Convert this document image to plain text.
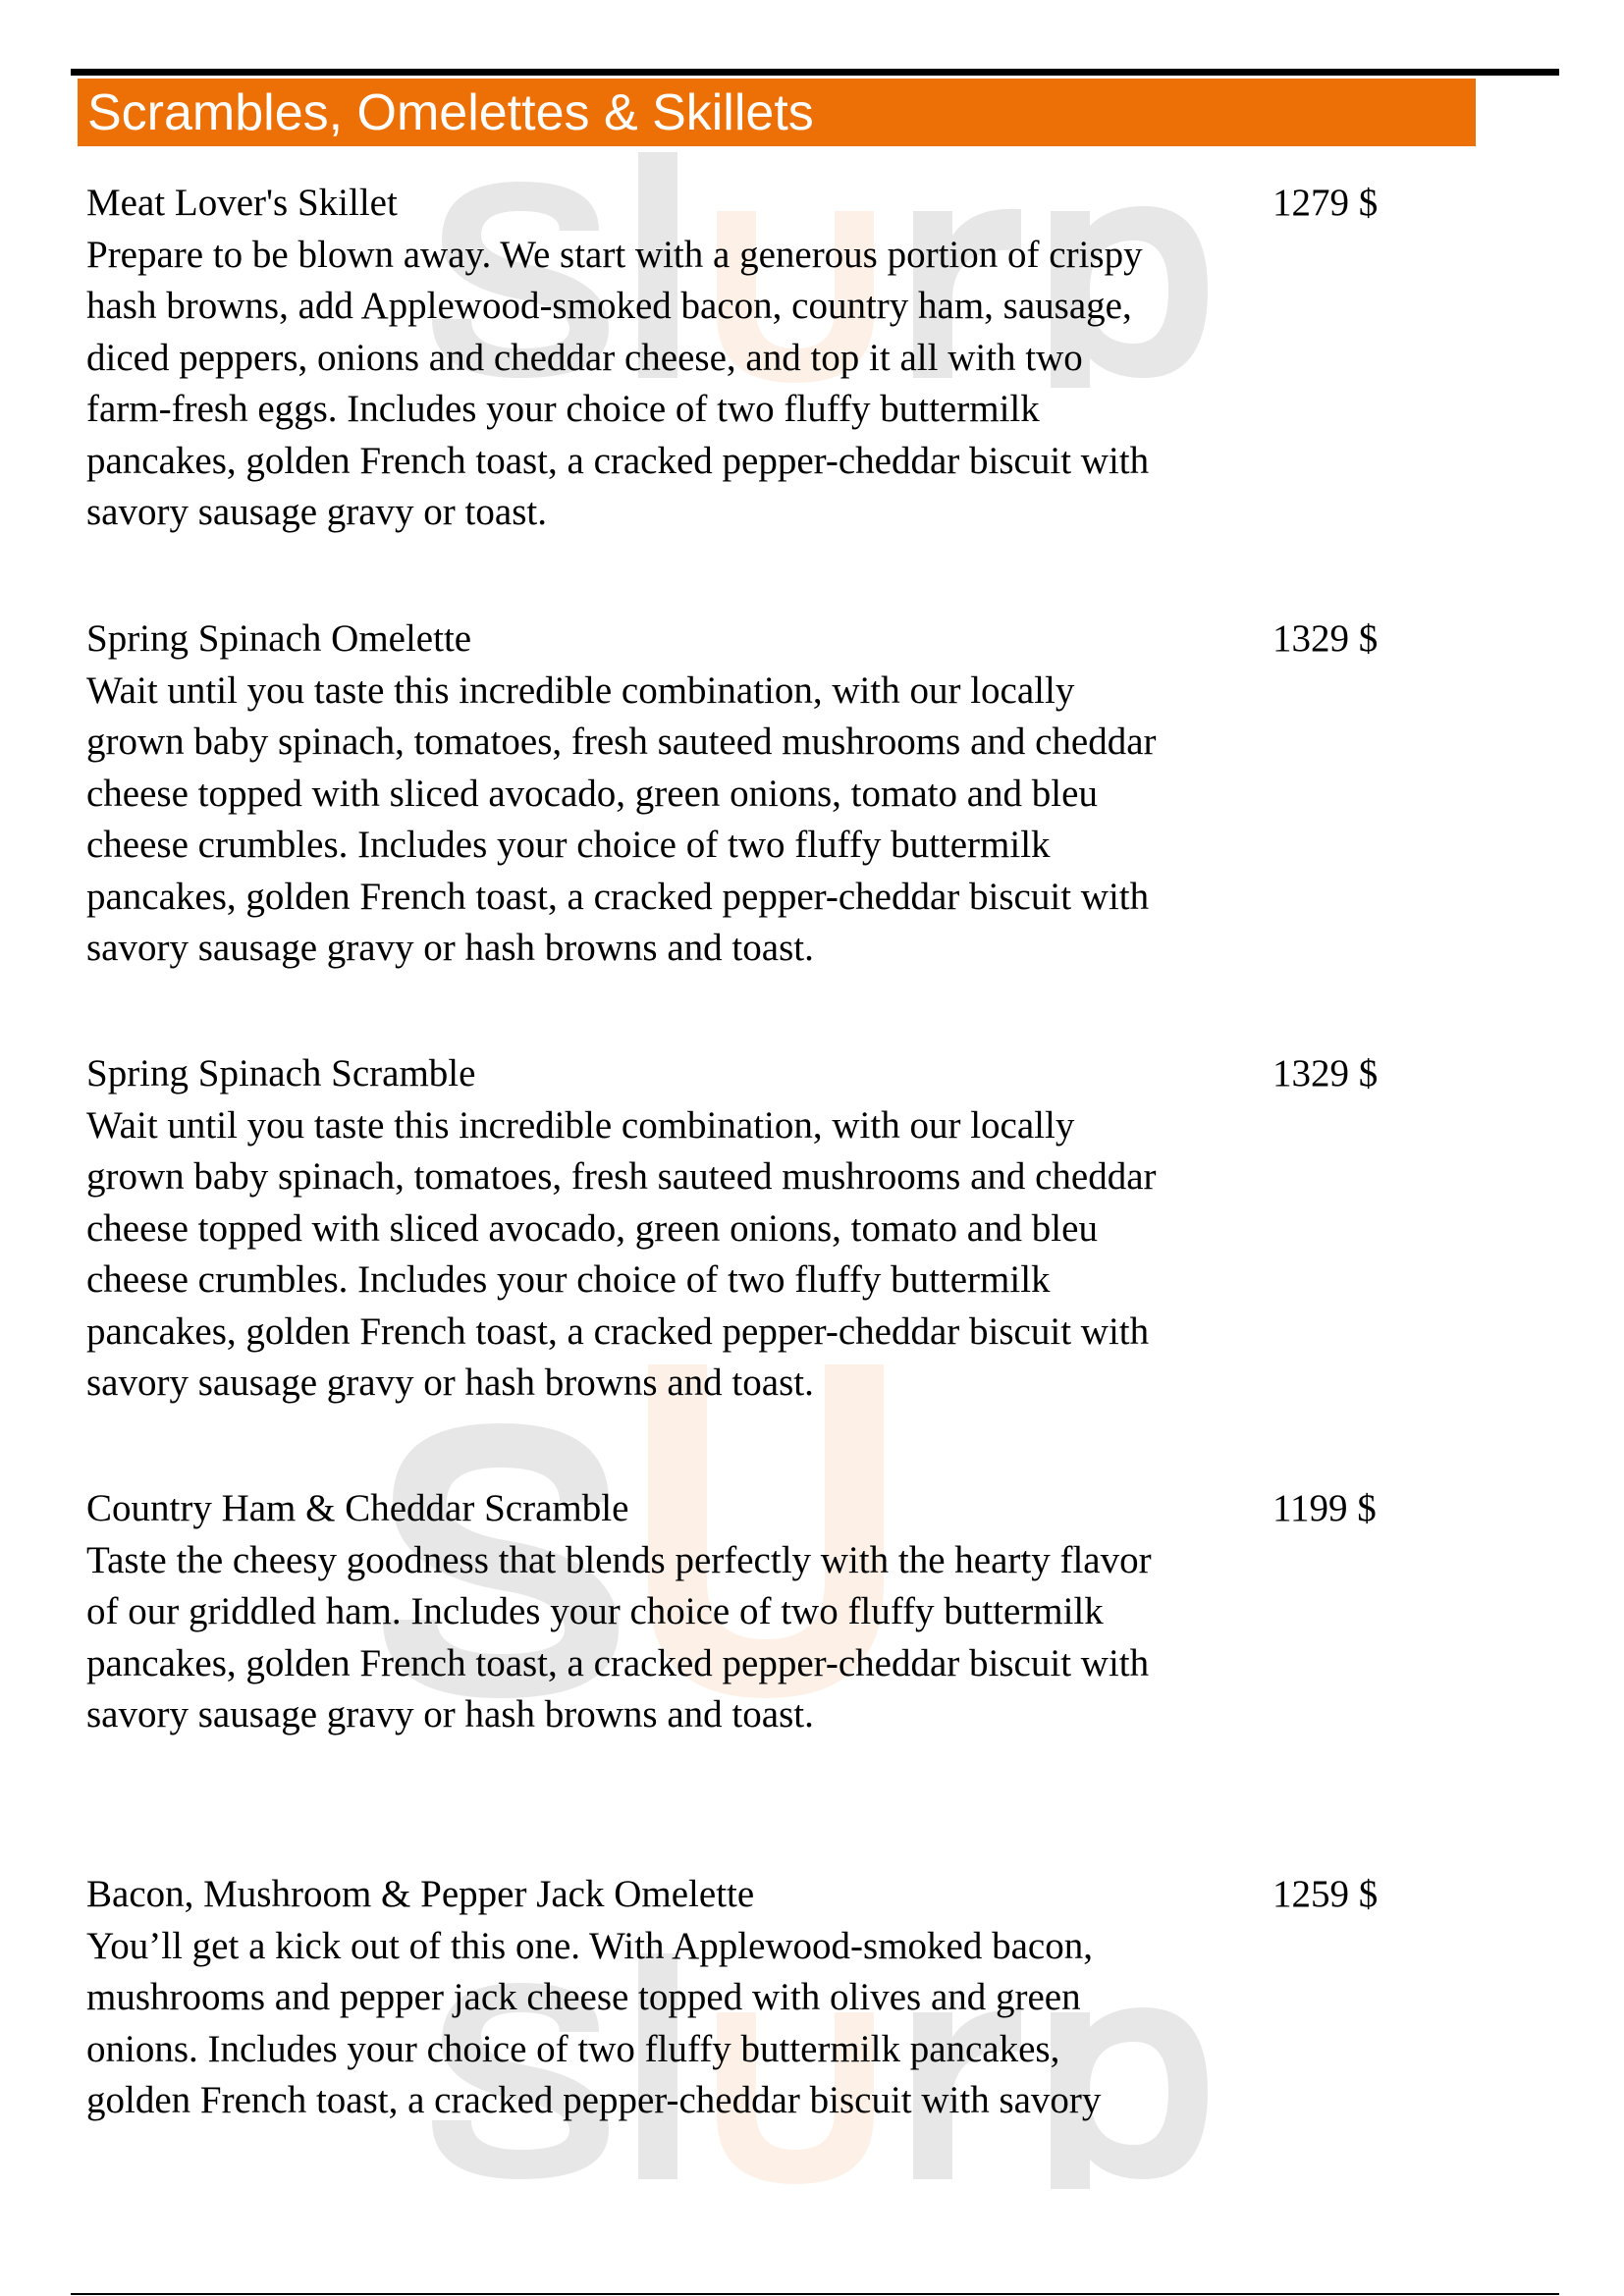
Scrambles, Omelettes & Skillets
Meat Lover's Skillet	1279 $
Prepare to be blown away. We start with a generous portion of crispy
hash browns, add Applewood-smoked bacon, country ham, sausage,
diced peppers, onions and cheddar cheese, and top it all with two
farm-fresh eggs. Includes your choice of two fluffy buttermilk
pancakes, golden French toast, a cracked pepper-cheddar biscuit with
savory sausage gravy or toast.
Spring Spinach Omelette	1329 $
Wait until you taste this incredible combination, with our locally
grown baby spinach, tomatoes, fresh sauteed mushrooms and cheddar
cheese topped with sliced avocado, green onions, tomato and bleu
cheese crumbles. Includes your choice of two fluffy buttermilk
pancakes, golden French toast, a cracked pepper-cheddar biscuit with
savory sausage gravy or hash browns and toast.
Spring Spinach Scramble	1329 $
Wait until you taste this incredible combination, with our locally
grown baby spinach, tomatoes, fresh sauteed mushrooms and cheddar
cheese topped with sliced avocado, green onions, tomato and bleu
cheese crumbles. Includes your choice of two fluffy buttermilk
pancakes, golden French toast, a cracked pepper-cheddar biscuit with
savory sausage gravy or hash browns and toast.
Country Ham & Cheddar Scramble	1199 $
Taste the cheesy goodness that blends perfectly with the hearty flavor
of our griddled ham. Includes your choice of two fluffy buttermilk
pancakes, golden French toast, a cracked pepper-cheddar biscuit with
savory sausage gravy or hash browns and toast.
Bacon, Mushroom & Pepper Jack Omelette	1259 $
You’ll get a kick out of this one. With Applewood-smoked bacon,
mushrooms and pepper jack cheese topped with olives and green
onions. Includes your choice of two fluffy buttermilk pancakes,
golden French toast, a cracked pepper-cheddar biscuit with savory
